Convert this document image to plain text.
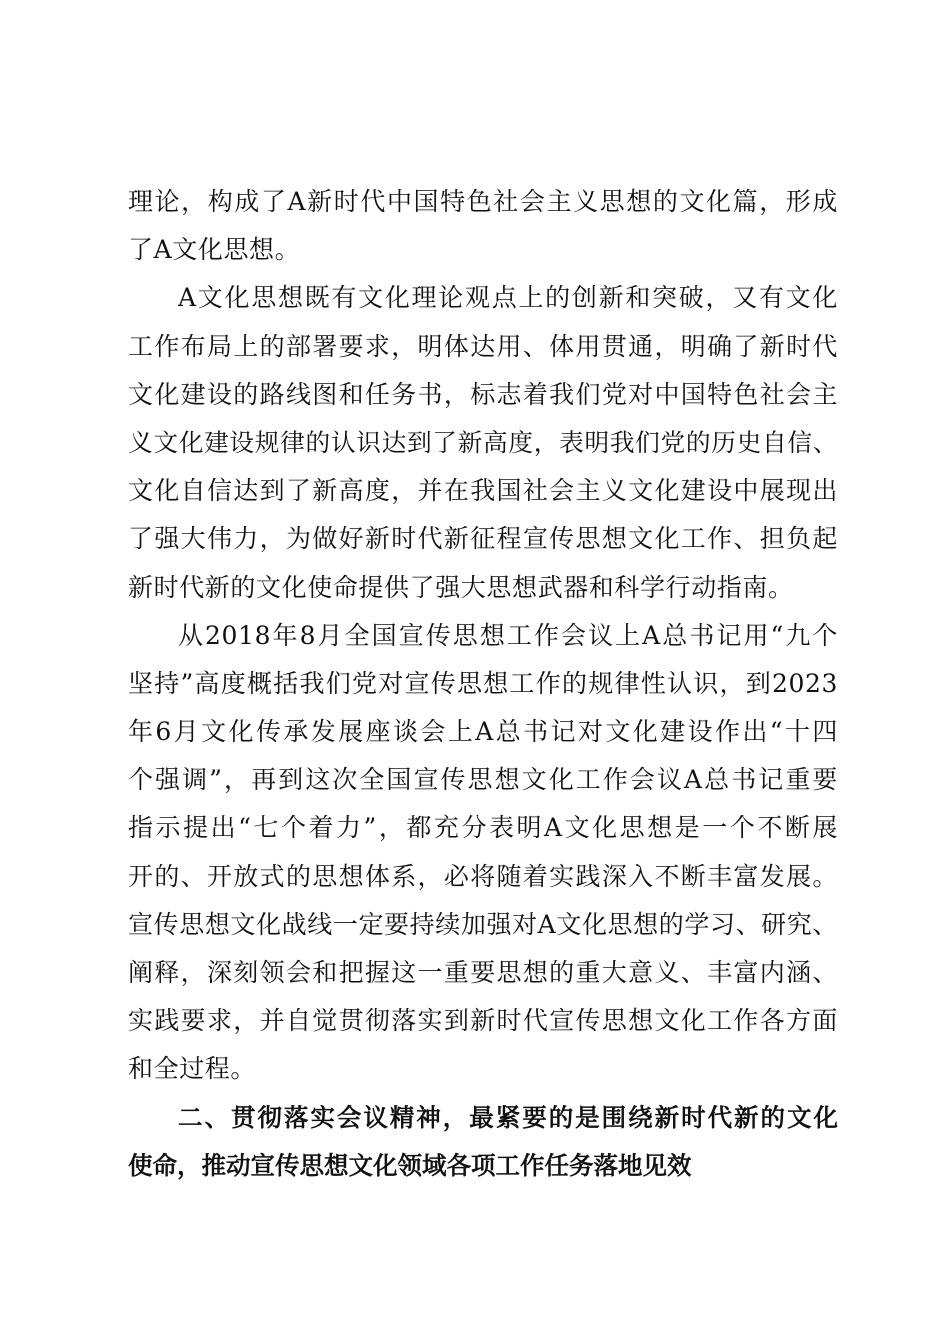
理论，构成了A新时代中国特色社会主义思想的文化篇，形成
了A文化思想。
A文化思想既有文化理论观点上的创新和突破，又有文化
工作布局上的部署要求，明体达用、体用贯通，明确了新时代
文化建设的路线图和任务书，标志着我们党对中国特色社会主
义文化建设规律的认识达到了新高度，表明我们党的历史自信、
文化自信达到了新高度，并在我国社会主义文化建设中展现出
了强大伟力，为做好新时代新征程宣传思想文化工作、担负起
新时代新的文化使命提供了强大思想武器和科学行动指南。
从2018年8月全国宣传思想工作会议上A总书记用“九个
坚持”高度概括我们党对宣传思想工作的规律性认识，到2023
年6月文化传承发展座谈会上A总书记对文化建设作出“十四
个强调”，再到这次全国宣传思想文化工作会议A总书记重要
指示提出“七个着力”，都充分表明A文化思想是一个不断展
开的、开放式的思想体系，必将随着实践深入不断丰富发展。
宣传思想文化战线一定要持续加强对A文化思想的学习、研究、
阐释，深刻领会和把握这一重要思想的重大意义、丰富内涵、
实践要求，并自觉贯彻落实到新时代宣传思想文化工作各方面
和全过程。
二、贯彻落实会议精神，最紧要的是围绕新时代新的文化
使命，推动宣传思想文化领域各项工作任务落地见效
